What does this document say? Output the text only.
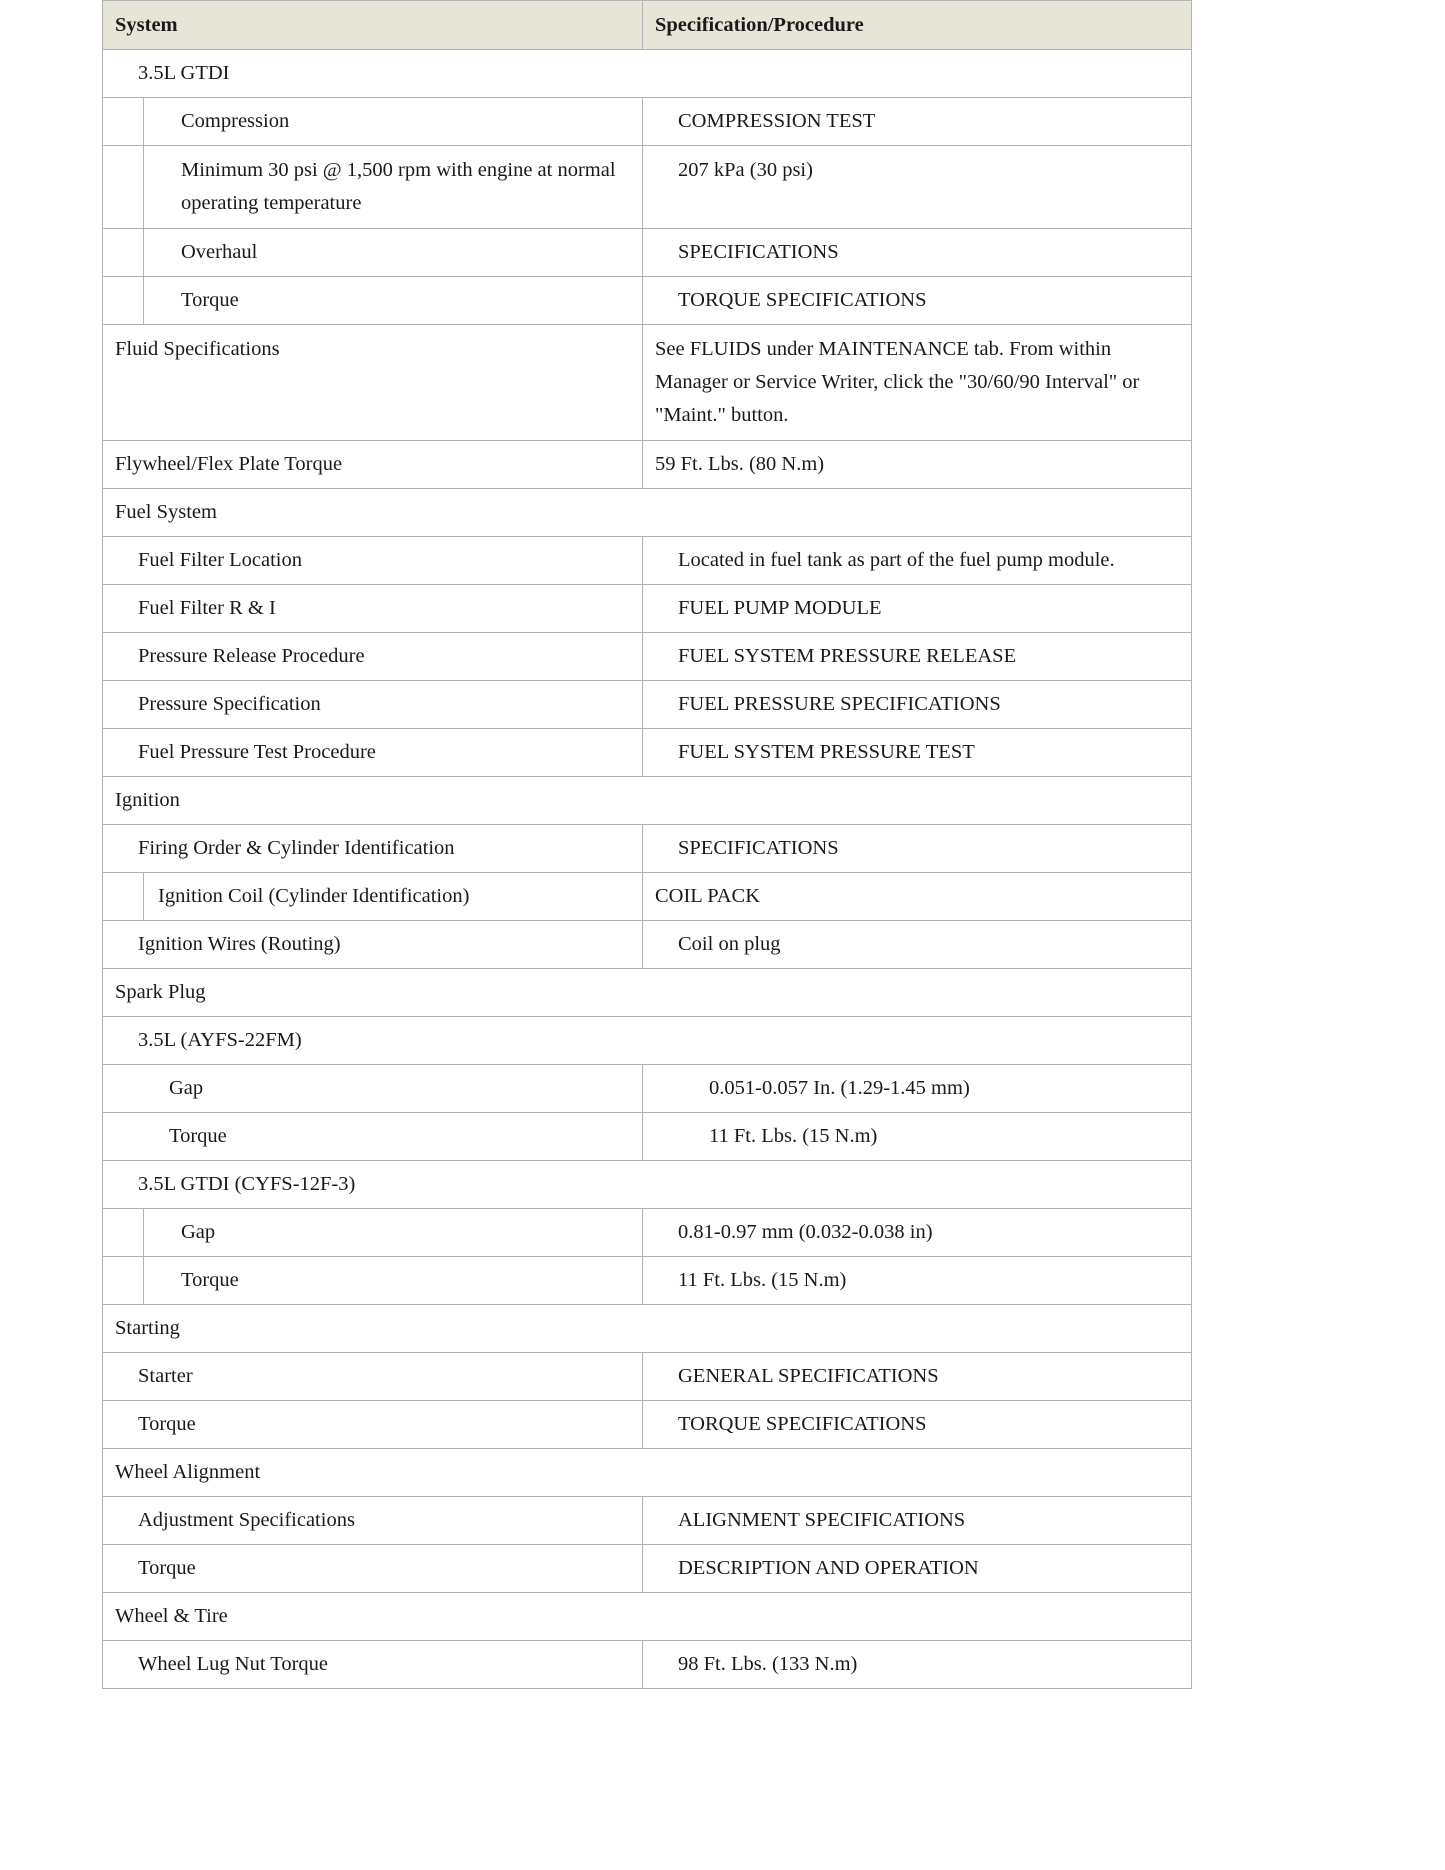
System	Specification/Procedure
3.5L GTDI	

Compression	COMPRESSION TEST

Minimum 30 psi @ 1,500 rpm with engine at normal operating temperature	207 kPa (30 psi)

Overhaul	SPECIFICATIONS

Torque	TORQUE SPECIFICATIONS
Fluid Specifications	See FLUIDS under MAINTENANCE tab. From within Manager or Service Writer, click the "30/60/90 Interval" or "Maint." button.
Flywheel/Flex Plate Torque	59 Ft. Lbs. (80 N.m)
Fuel System	
Fuel Filter Location	Located in fuel tank as part of the fuel pump module.
Fuel Filter R & I	FUEL PUMP MODULE
Pressure Release Procedure	FUEL SYSTEM PRESSURE RELEASE
Pressure Specification	FUEL PRESSURE SPECIFICATIONS
Fuel Pressure Test Procedure	FUEL SYSTEM PRESSURE TEST
Ignition	
Firing Order & Cylinder Identification	SPECIFICATIONS

Ignition Coil (Cylinder Identification)	COIL PACK
Ignition Wires (Routing)	Coil on plug
Spark Plug	
3.5L (AYFS-22FM)	
Gap	0.051-0.057 In. (1.29-1.45 mm)
Torque	11 Ft. Lbs. (15 N.m)
3.5L GTDI (CYFS-12F-3)	

Gap	0.81-0.97 mm (0.032-0.038 in)

Torque	11 Ft. Lbs. (15 N.m)
Starting	
Starter	GENERAL SPECIFICATIONS
Torque	TORQUE SPECIFICATIONS
Wheel Alignment	
Adjustment Specifications	ALIGNMENT SPECIFICATIONS
Torque	DESCRIPTION AND OPERATION
Wheel & Tire	
Wheel Lug Nut Torque	98 Ft. Lbs. (133 N.m)
